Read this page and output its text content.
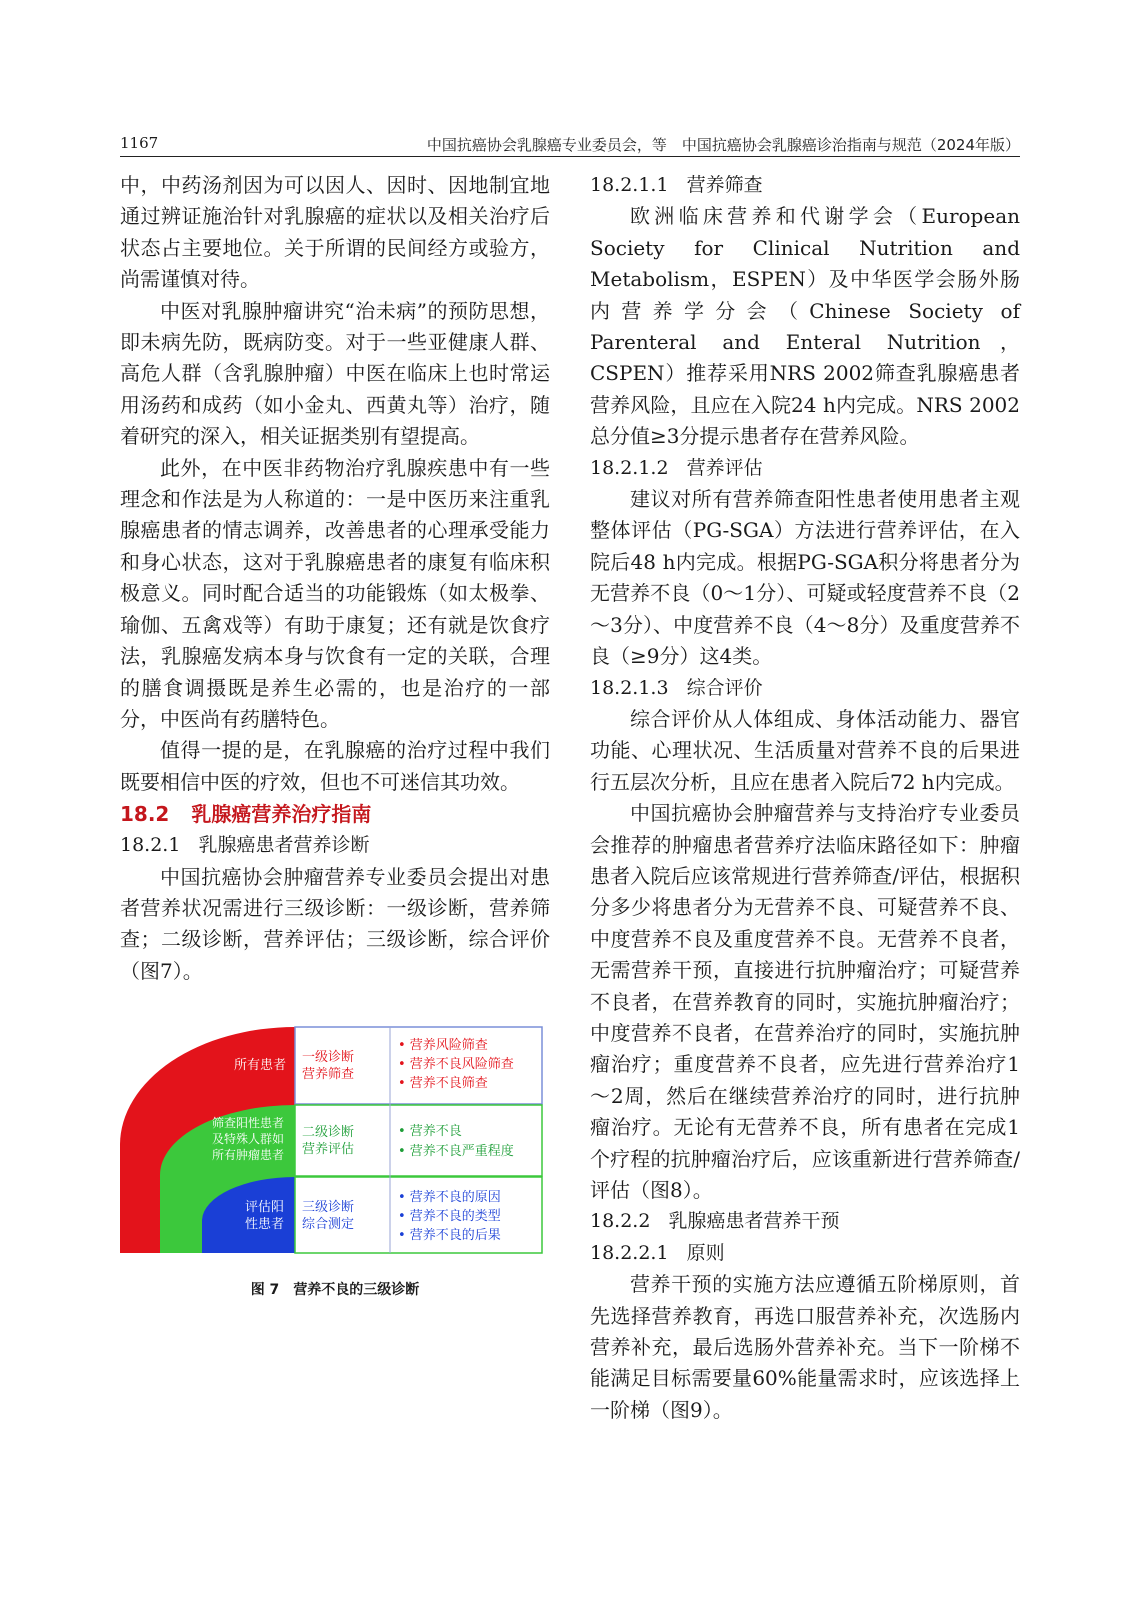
1167	中国抗癌协会乳腺癌专业委员会，等　中国抗癌协会乳腺癌诊治指南与规范（2024年版）

中，中药汤剂因为可以因人、因时、因地制宜地通过辨证施治针对乳腺癌的症状以及相关治疗后状态占主要地位。关于所谓的民间经方或验方，尚需谨慎对待。

中医对乳腺肿瘤讲究“治未病”的预防思想，即未病先防，既病防变。对于一些亚健康人群、高危人群（含乳腺肿瘤）中医在临床上也时常运用汤药和成药（如小金丸、西黄丸等）治疗，随着研究的深入，相关证据类别有望提高。

此外，在中医非药物治疗乳腺疾患中有一些理念和作法是为人称道的：一是中医历来注重乳腺癌患者的情志调养，改善患者的心理承受能力和身心状态，这对于乳腺癌患者的康复有临床积极意义。同时配合适当的功能锻炼（如太极拳、瑜伽、五禽戏等）有助于康复；还有就是饮食疗法，乳腺癌发病本身与饮食有一定的关联，合理的膳食调摄既是养生必需的，也是治疗的一部分，中医尚有药膳特色。

值得一提的是，在乳腺癌的治疗过程中我们既要相信中医的疗效，但也不可迷信其功效。

18.2 乳腺癌营养治疗指南
18.2.1 乳腺癌患者营养诊断

中国抗癌协会肿瘤营养专业委员会提出对患者营养状况需进行三级诊断：一级诊断，营养筛查；二级诊断，营养评估；三级诊断，综合评价（图7）。

所有患者
筛查阳性患者
及特殊人群如
所有肿瘤患者
评估阳
性患者
一级诊断
营养筛查
二级诊断
营养评估
三级诊断
综合测定
• 营养风险筛查
• 营养不良风险筛查
• 营养不良筛查
• 营养不良
• 营养不良严重程度
• 营养不良的原因
• 营养不良的类型
• 营养不良的后果
图 7 营养不良的三级诊断
18.2.1.1 营养筛查

欧洲临床营养和代谢学会（European Society for Clinical Nutrition and Metabolism，ESPEN）及中华医学会肠外肠内营养学分会（Chinese Society of Parenteral and Enteral Nutrition，CSPEN）推荐采用NRS 2002筛查乳腺癌患者营养风险，且应在入院24 h内完成。NRS 2002总分值≥3分提示患者存在营养风险。

18.2.1.2 营养评估

建议对所有营养筛查阳性患者使用患者主观整体评估（PG-SGA）方法进行营养评估，在入院后48 h内完成。根据PG-SGA积分将患者分为无营养不良（0～1分）、可疑或轻度营养不良（2～3分）、中度营养不良（4～8分）及重度营养不良（≥9分）这4类。

18.2.1.3 综合评价

综合评价从人体组成、身体活动能力、器官功能、心理状况、生活质量对营养不良的后果进行五层次分析，且应在患者入院后72 h内完成。

中国抗癌协会肿瘤营养与支持治疗专业委员会推荐的肿瘤患者营养疗法临床路径如下：肿瘤患者入院后应该常规进行营养筛查/评估，根据积分多少将患者分为无营养不良、可疑营养不良、中度营养不良及重度营养不良。无营养不良者，无需营养干预，直接进行抗肿瘤治疗；可疑营养不良者，在营养教育的同时，实施抗肿瘤治疗；中度营养不良者，在营养治疗的同时，实施抗肿瘤治疗；重度营养不良者，应先进行营养治疗1～2周，然后在继续营养治疗的同时，进行抗肿瘤治疗。无论有无营养不良，所有患者在完成1个疗程的抗肿瘤治疗后，应该重新进行营养筛查/评估（图8）。

18.2.2 乳腺癌患者营养干预
18.2.2.1 原则

营养干预的实施方法应遵循五阶梯原则，首先选择营养教育，再选口服营养补充，次选肠内营养补充，最后选肠外营养补充。当下一阶梯不能满足目标需要量60%能量需求时，应该选择上一阶梯（图9）。
